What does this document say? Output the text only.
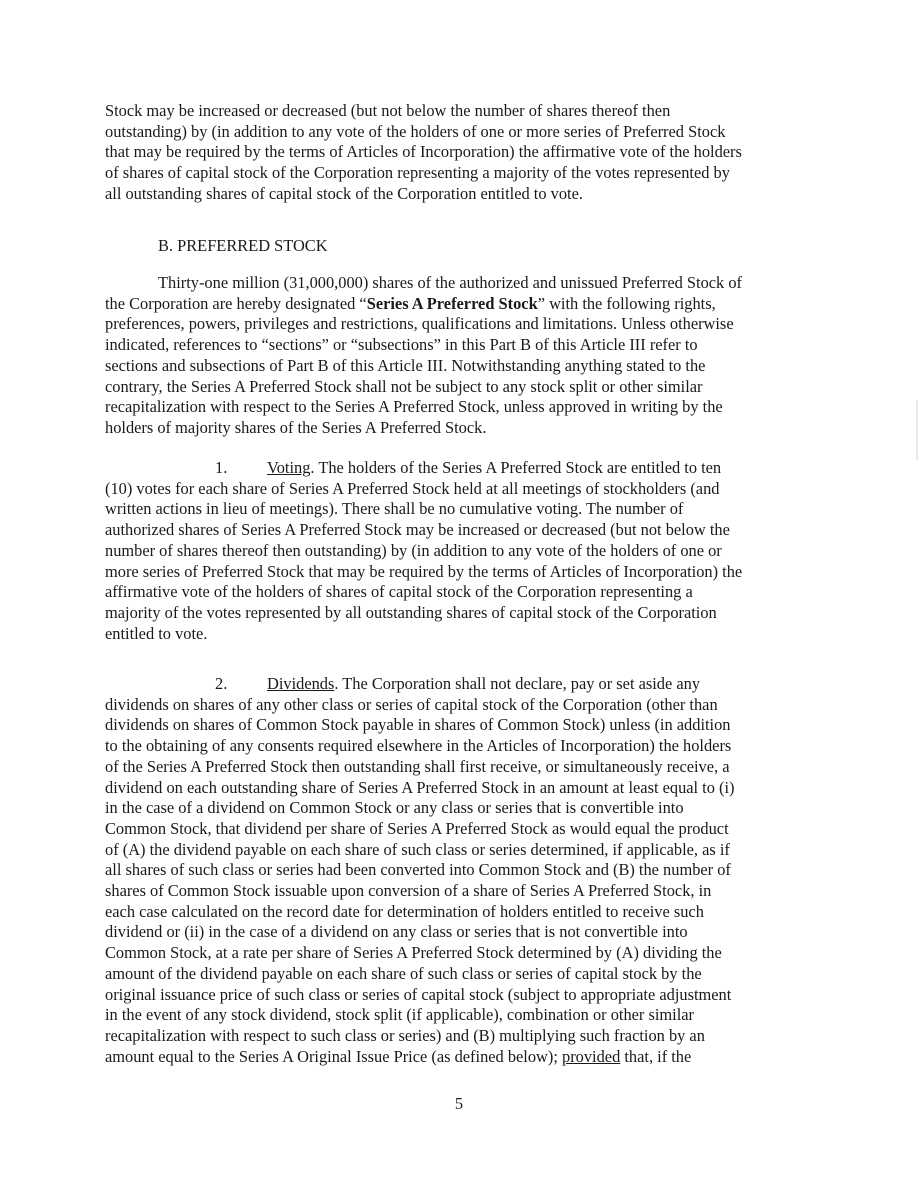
Stock may be increased or decreased (but not below the number of shares thereof then
outstanding) by (in addition to any vote of the holders of one or more series of Preferred Stock
that may be required by the terms of Articles of Incorporation) the affirmative vote of the holders
of shares of capital stock of the Corporation representing a majority of the votes represented by
all outstanding shares of capital stock of the Corporation entitled to vote.
B. PREFERRED STOCK
Thirty-one million (31,000,000) shares of the authorized and unissued Preferred Stock of
the Corporation are hereby designated “Series A Preferred Stock” with the following rights,
preferences, powers, privileges and restrictions, qualifications and limitations. Unless otherwise
indicated, references to “sections” or “subsections” in this Part B of this Article III refer to
sections and subsections of Part B of this Article III. Notwithstanding anything stated to the
contrary, the Series A Preferred Stock shall not be subject to any stock split or other similar
recapitalization with respect to the Series A Preferred Stock, unless approved in writing by the
holders of majority shares of the Series A Preferred Stock.
1. Voting. The holders of the Series A Preferred Stock are entitled to ten
(10) votes for each share of Series A Preferred Stock held at all meetings of stockholders (and
written actions in lieu of meetings). There shall be no cumulative voting. The number of
authorized shares of Series A Preferred Stock may be increased or decreased (but not below the
number of shares thereof then outstanding) by (in addition to any vote of the holders of one or
more series of Preferred Stock that may be required by the terms of Articles of Incorporation) the
affirmative vote of the holders of shares of capital stock of the Corporation representing a
majority of the votes represented by all outstanding shares of capital stock of the Corporation
entitled to vote.
2. Dividends. The Corporation shall not declare, pay or set aside any
dividends on shares of any other class or series of capital stock of the Corporation (other than
dividends on shares of Common Stock payable in shares of Common Stock) unless (in addition
to the obtaining of any consents required elsewhere in the Articles of Incorporation) the holders
of the Series A Preferred Stock then outstanding shall first receive, or simultaneously receive, a
dividend on each outstanding share of Series A Preferred Stock in an amount at least equal to (i)
in the case of a dividend on Common Stock or any class or series that is convertible into
Common Stock, that dividend per share of Series A Preferred Stock as would equal the product
of (A) the dividend payable on each share of such class or series determined, if applicable, as if
all shares of such class or series had been converted into Common Stock and (B) the number of
shares of Common Stock issuable upon conversion of a share of Series A Preferred Stock, in
each case calculated on the record date for determination of holders entitled to receive such
dividend or (ii) in the case of a dividend on any class or series that is not convertible into
Common Stock, at a rate per share of Series A Preferred Stock determined by (A) dividing the
amount of the dividend payable on each share of such class or series of capital stock by the
original issuance price of such class or series of capital stock (subject to appropriate adjustment
in the event of any stock dividend, stock split (if applicable), combination or other similar
recapitalization with respect to such class or series) and (B) multiplying such fraction by an
amount equal to the Series A Original Issue Price (as defined below); provided that, if the
5
